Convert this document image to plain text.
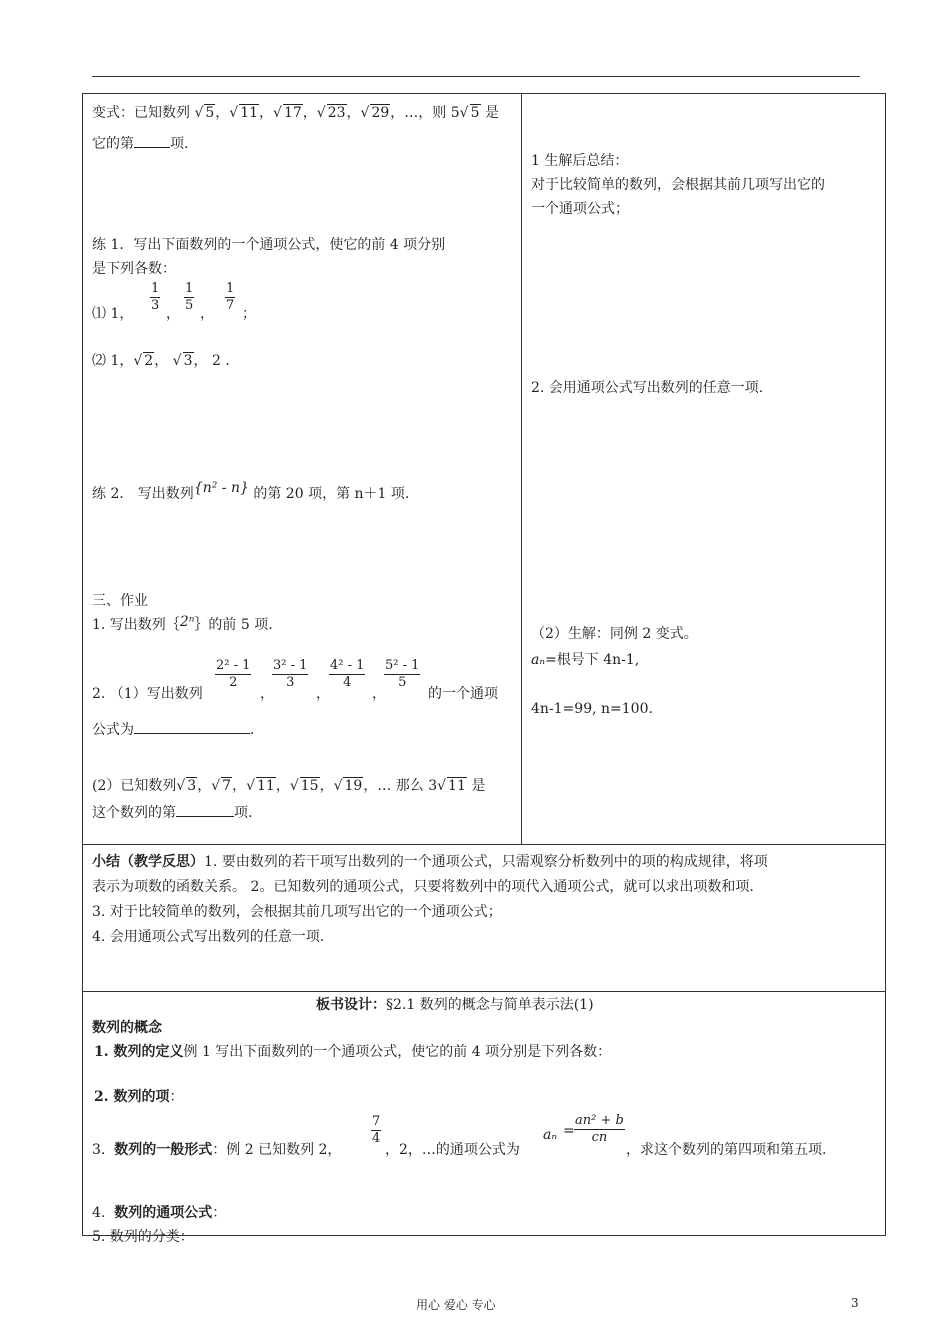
变式：已知数列 √ 5，√ 11，√ 17，√ 23，√ 29，…，则 5√ 5 是
它的第	项.
练 1．写出下面数列的一个通项公式，使它的前 4 项分别
是下列各数：
⑴ 1， $\frac{1}{3}$ ， $\frac{1}{5}$ ， $\frac{1}{7}$ ；
⑵ 1，√ 2， √ 3， 2 .
练 2． 写出数列{n² - n} 的第 20 项，第 n＋1 项.
三、作业
1. 写出数列｛2ⁿ｝的前 5 项.
2. （1）写出数列
$\frac{\text{2² - 1}}{2}$
，
$\frac{\text{3² - 1}}{3}$
，
$\frac{\text{4² - 1}}{4}$
，
$\frac{\text{5² - 1}}{5}$
的一个通项
公式为	.
(2）已知数列√ 3，√ 7，√ 11，√ 15，√ 19，… 那么 3√ 11 是
这个数列的第	项.
1 生解后总结：
对于比较简单的数列，会根据其前几项写出它的
一个通项公式；
2. 会用通项公式写出数列的任意一项.
（2）生解：同例 2 变式。
aₙ=根号下 4n-1,
4n-1=99, n=100.
小结（教学反思）1. 要由数列的若干项写出数列的一个通项公式，只需观察分析数列中的项的构成规律，将项
表示为项数的函数关系。 2。已知数列的通项公式，只要将数列中的项代入通项公式，就可以求出项数和项.
3. 对于比较简单的数列，会根据其前几项写出它的一个通项公式；
4. 会用通项公式写出数列的任意一项.
板书设计：§2.1 数列的概念与简单表示法(1)
数列的概念
1. 数列的定义例 1 写出下面数列的一个通项公式，使它的前 4 项分别是下列各数：
2. 数列的项：
3. 数列的一般形式：例 2 已知数列 2，
$\frac{7}{4}$
，2，…的通项公式为
$a_n = \frac{\text{an² + b}}{cn}$
，求这个数列的第四项和第五项.
4. 数列的通项公式：
5. 数列的分类：
用心 爱心 专心	3
